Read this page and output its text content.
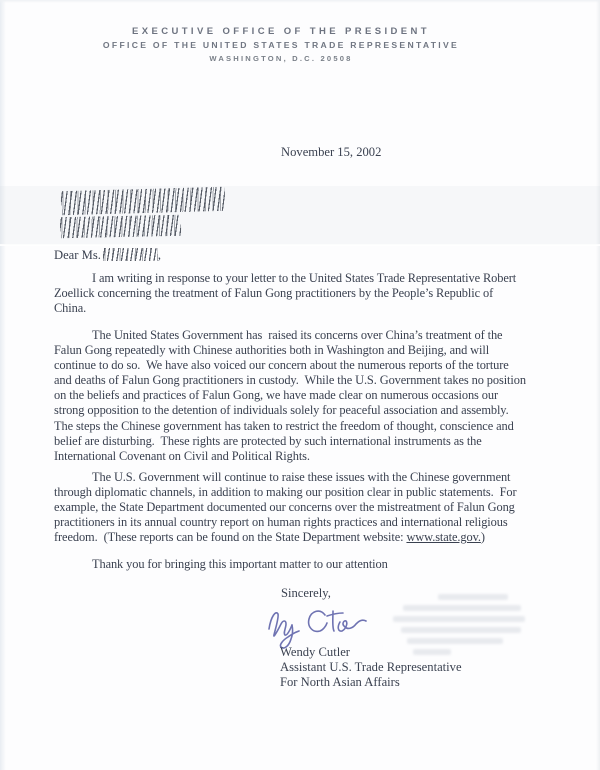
EXECUTIVE OFFICE OF THE PRESIDENT
OFFICE OF THE UNITED STATES TRADE REPRESENTATIVE
WASHINGTON, D.C. 20508
November 15, 2002
Dear Ms.	,
I am writing in response to your letter to the United States Trade Representative Robert
Zoellick concerning the treatment of Falun Gong practitioners by the People’s Republic of
China.
The United States Government has  raised its concerns over China’s treatment of the
Falun Gong repeatedly with Chinese authorities both in Washington and Beijing, and will
continue to do so.  We have also voiced our concern about the numerous reports of the torture
and deaths of Falun Gong practitioners in custody.  While the U.S. Government takes no position
on the beliefs and practices of Falun Gong, we have made clear on numerous occasions our
strong opposition to the detention of individuals solely for peaceful association and assembly.
The steps the Chinese government has taken to restrict the freedom of thought, conscience and
belief are disturbing.  These rights are protected by such international instruments as the
International Covenant on Civil and Political Rights.
The U.S. Government will continue to raise these issues with the Chinese government
through diplomatic channels, in addition to making our position clear in public statements.  For
example, the State Department documented our concerns over the mistreatment of Falun Gong
practitioners in its annual country report on human rights practices and international religious
freedom.  (These reports can be found on the State Department website: www.state.gov.)
Thank you for bringing this important matter to our attention
Sincerely,
Wendy Cutler
Assistant U.S. Trade Representative
For North Asian Affairs
